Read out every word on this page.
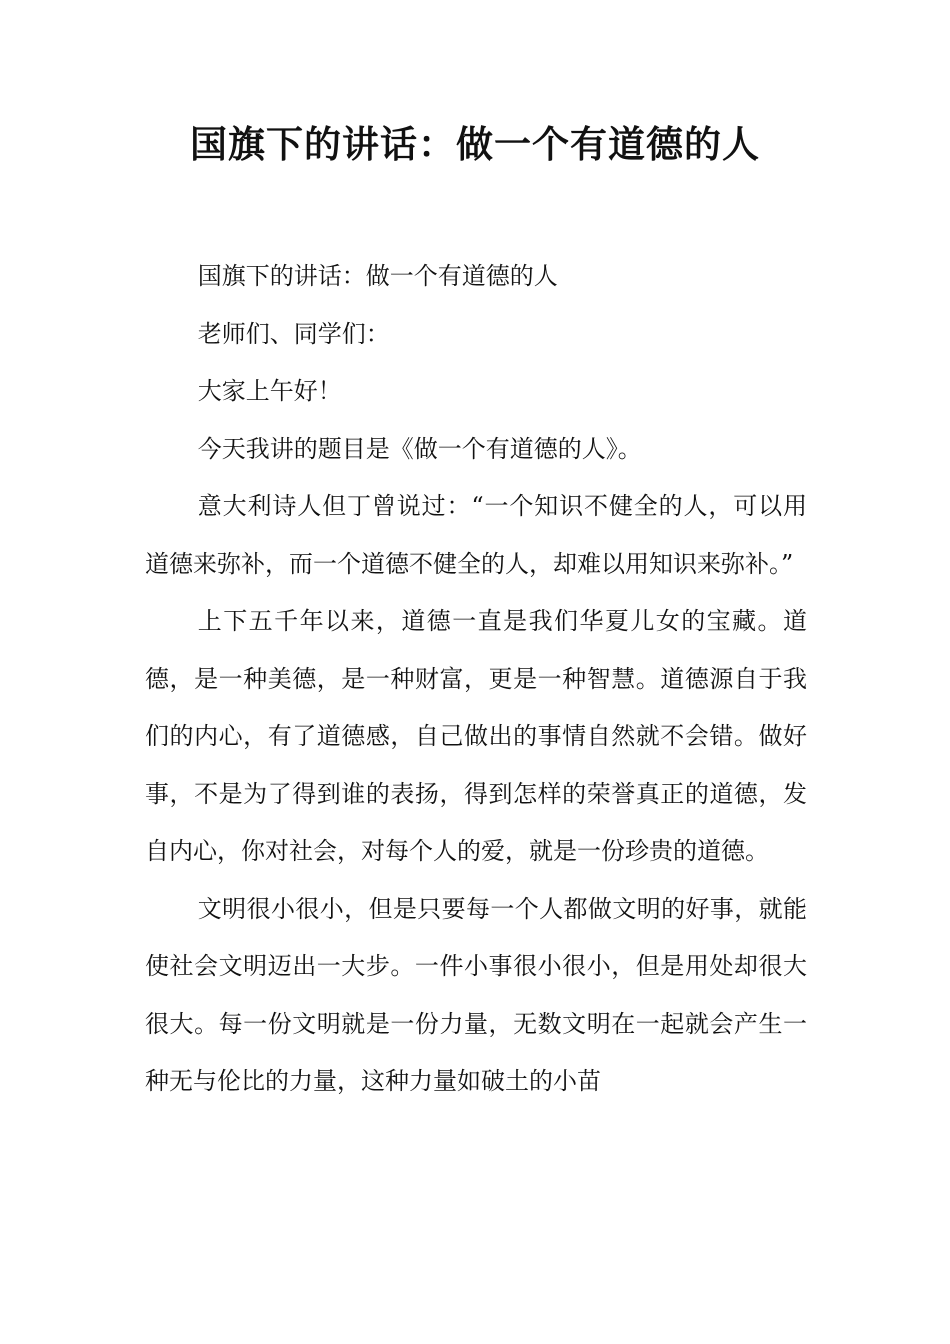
国旗下的讲话：做一个有道德的人

国旗下的讲话：做一个有道德的人

老师们、同学们：

大家上午好！

今天我讲的题目是《做一个有道德的人》。

意大利诗人但丁曾说过：“一个知识不健全的人，可以用道德来弥补，而一个道德不健全的人，却难以用知识来弥补。”

上下五千年以来，道德一直是我们华夏儿女的宝藏。道德，是一种美德，是一种财富，更是一种智慧。道德源自于我们的内心，有了道德感，自己做出的事情自然就不会错。做好事，不是为了得到谁的表扬，得到怎样的荣誉真正的道德，发自内心，你对社会，对每个人的爱，就是一份珍贵的道德。

文明很小很小，但是只要每一个人都做文明的好事，就能使社会文明迈出一大步。一件小事很小很小，但是用处却很大很大。每一份文明就是一份力量，无数文明在一起就会产生一种无与伦比的力量，这种力量如破土的小苗
